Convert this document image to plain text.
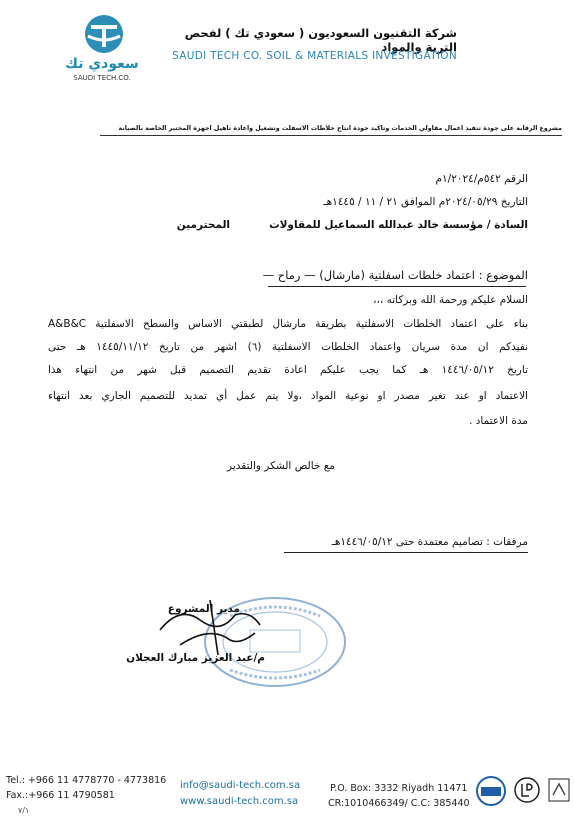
سعودي تك
SAUDI TECH.CO.
شركة التقنيون السعوديون ( سعودي تك ) لفحص التربة والمواد
SAUDI TECH CO. SOIL & MATERIALS INVESTIGATION
مشروع الرقابة على جودة تنفيذ أعمال مقاولي الخدمات وتأكيد جودة انتاج خلاطات الاسفلت وتشغيل واعادة تأهيل اجهزة المختبر الخاصة بالصيانة
الرقم ٥٤٢م/١/٢٠٢٤م
التاريخ ٢٠٢٤/٠٥/٢٩م الموافق ٢١ / ١١ / ١٤٤٥هـ
السادة / مؤسسة خالد عبدالله السماعيل للمقاولات
المحترمين
الموضوع : اعتماد خلطات اسفلتية (مارشال) — رماح —
السلام عليكم ورحمة الله وبركاته ،،،
بناء على اعتماد الخلطات الاسفلتية بطريقة مارشال لطبقتي الاساس والسطح الاسفلتية A&B&C
نفيدكم ان مدة سريان واعتماد الخلطات الاسفلتية (٦) اشهر من تاريخ ١٤٤٥/١١/١٢ هـ حتى
تاريخ ١٤٤٦/٠٥/١٢ هـ كما يجب عليكم اعادة تقديم التصميم قبل شهر من انتهاء هذا
الاعتماد او عند تغير مصدر او نوعية المواد ،ولا يتم عمل أي تمديد للتصميم الجاري بعد انتهاء
مدة الاعتماد .
مع خالص الشكر والتقدير
مرفقات : تصاميم معتمدة حتى ١٤٤٦/٠٥/١٢هـ
مدير المشروع
م/عبد العزيز مبارك العجلان
Tel.: +966 11 4778770 - 4773816
Fax.:+966 11 4790581
٧/١
info@saudi-tech.com.sa
www.saudi-tech.com.sa
P.O. Box: 3332 Riyadh 11471
CR:1010466349/ C.C: 385440
